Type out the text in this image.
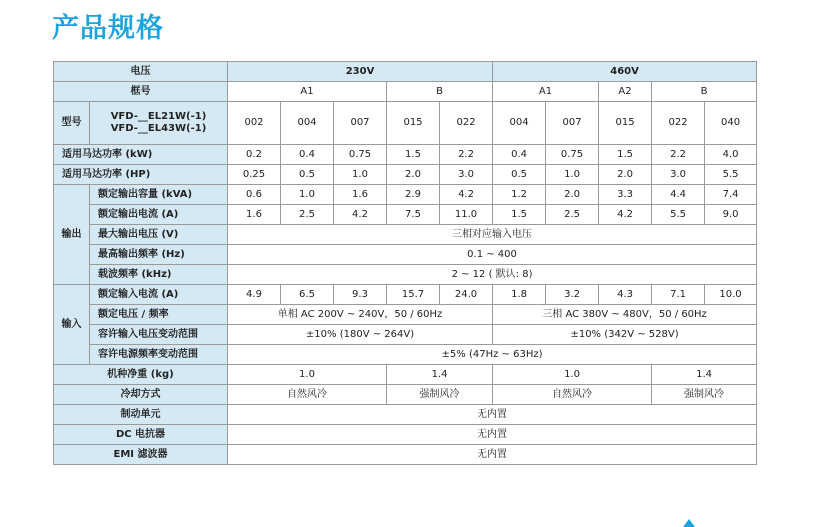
产品规格
电压		230V					460V				
框号		A1			B		A1		A2	B	
型号	VFD-__EL21W(-1)
VFD-__EL43W(-1)	002	004	007	015	022	004	007	015	022	040
适用马达功率 (kW)		0.2	0.4	0.75	1.5	2.2	0.4	0.75	1.5	2.2	4.0
适用马达功率 (HP)		0.25	0.5	1.0	2.0	3.0	0.5	1.0	2.0	3.0	5.5
输出	额定输出容量 (kVA)	0.6	1.0	1.6	2.9	4.2	1.2	2.0	3.3	4.4	7.4
	额定输出电流 (A)	1.6	2.5	4.2	7.5	11.0	1.5	2.5	4.2	5.5	9.0
	最大输出电压 (V)	三相对应输入电压									
	最高输出频率 (Hz)	0.1 ~ 400									
	载波频率 (kHz)	2 ~ 12 ( 默认: 8)									
输入	额定输入电流 (A)	4.9	6.5	9.3	15.7	24.0	1.8	3.2	4.3	7.1	10.0
	额定电压 / 频率	单相 AC 200V ~ 240V，50 / 60Hz					三相 AC 380V ~ 480V，50 / 60Hz				
	容许输入电压变动范围	±10% (180V ~ 264V)					±10% (342V ~ 528V)				
	容许电源频率变动范围	±5% (47Hz ~ 63Hz)									
机种净重 (kg)		1.0			1.4		1.0			1.4	
冷却方式		自然风冷			强制风冷		自然风冷			强制风冷	
制动单元		无内置									
DC 电抗器		无内置									
EMI 滤波器		无内置									
